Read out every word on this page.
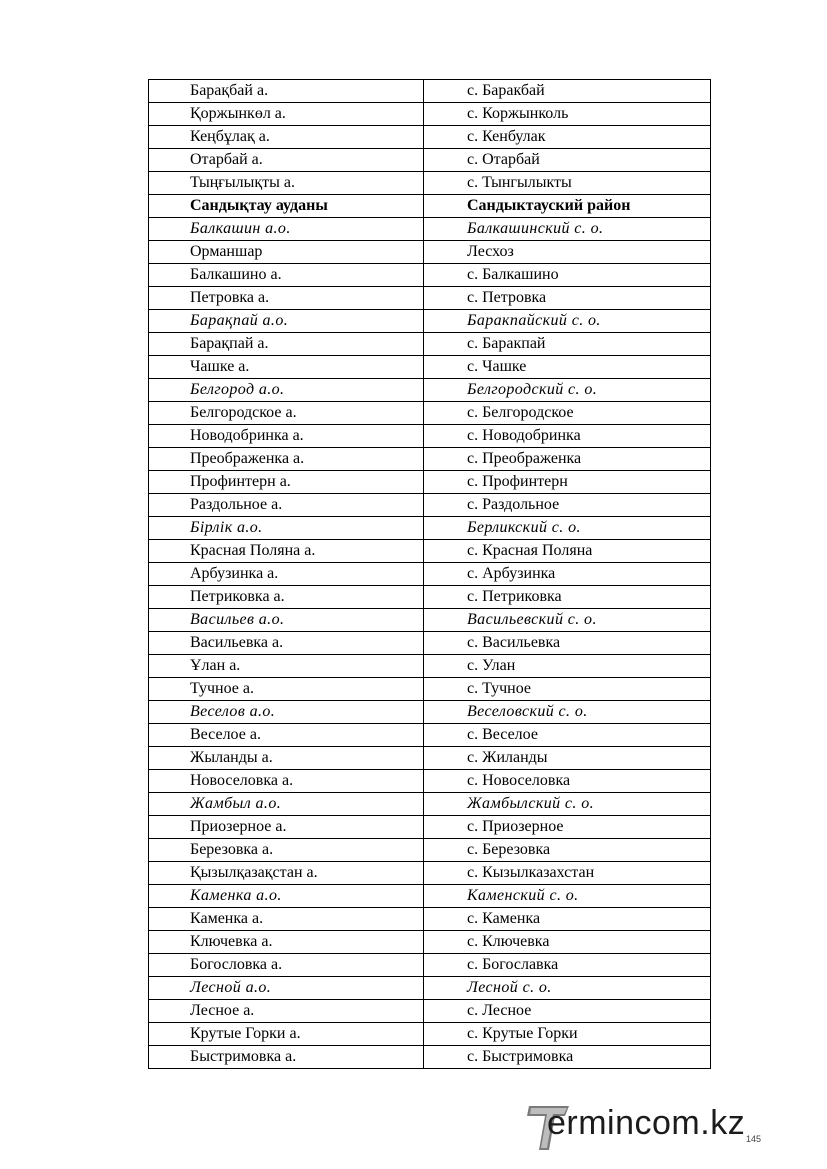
Барақбай а.	с. Баракбай
Қоржынкөл а.	с. Коржынколь
Кеңбұлақ а.	с. Кенбулак
Отарбай а.	с. Отарбай
Тыңғылықты а.	с. Тынгылыкты
Сандықтау ауданы	Сандыктауский район
Балкашин а.о.	Балкашинский с. о.
Орманшар	Лесхоз
Балкашино а.	с. Балкашино
Петровка а.	с. Петровка
Барақпай а.о.	Баракпайский с. о.
Барақпай а.	с. Баракпай
Чашке а.	с. Чашке
Белгород а.о.	Белгородский с. о.
Белгородское а.	с. Белгородское
Новодобринка а.	с. Новодобринка
Преображенка а.	с. Преображенка
Профинтерн а.	с. Профинтерн
Раздольное а.	с. Раздольное
Бірлік а.о.	Берликский с. о.
Красная Поляна а.	с. Красная Поляна
Арбузинка а.	с. Арбузинка
Петриковка а.	с. Петриковка
Васильев а.о.	Васильевский с. о.
Васильевка а.	с. Васильевка
Ұлан а.	с. Улан
Тучное а.	с. Тучное
Веселов а.о.	Веселовский с. о.
Веселое а.	с. Веселое
Жыланды а.	с. Жиланды
Новоселовка а.	с. Новоселовка
Жамбыл а.о.	Жамбылский с. о.
Приозерное а.	с. Приозерное
Березовка а.	с. Березовка
Қызылқазақстан а.	с. Кызылказахстан
Каменка а.о.	Каменский с. о.
Каменка а.	с. Каменка
Ключевка а.	с. Ключевка
Богословка а.	с. Богославка
Лесной а.о.	Лесной с. о.
Лесное а.	с. Лесное
Крутые Горки а.	с. Крутые Горки
Быстримовка а.	с. Быстримовка
ermincom.kz 145
